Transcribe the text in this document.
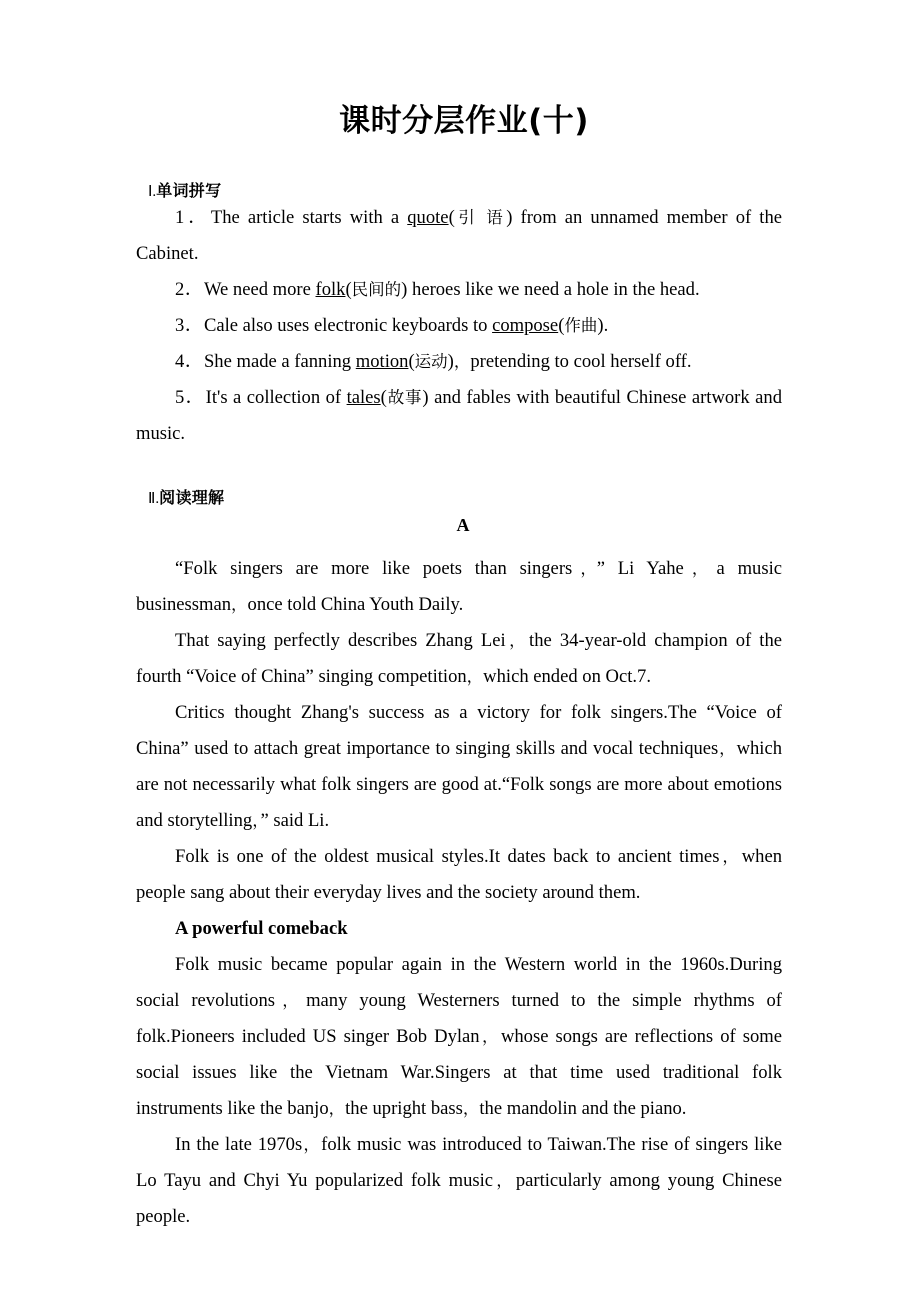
课时分层作业(十)

Ⅰ.单词拼写

1．The article starts with a quote(引 语) from an unnamed member of the Cabinet.

2．We need more folk(民间的) heroes like we need a hole in the head.

3．Cale also uses electronic keyboards to compose(作曲).

4．She made a fanning motion(运动)，pretending to cool herself off.

5．It's a collection of tales(故事) and fables with beautiful Chinese artwork and music.

Ⅱ.阅读理解

A

“Folk singers are more like poets than singers，” Li Yahe，a music businessman，once told China Youth Daily.

That saying perfectly describes Zhang Lei，the 34-year-old champion of the fourth “Voice of China” singing competition，which ended on Oct.7.

Critics thought Zhang's success as a victory for folk singers.The “Voice of China” used to attach great importance to singing skills and vocal techniques，which are not necessarily what folk singers are good at.“Folk songs are more about emotions and storytelling，” said Li.

Folk is one of the oldest musical styles.It dates back to ancient times，when people sang about their everyday lives and the society around them.

A powerful comeback

Folk music became popular again in the Western world in the 1960s.During social revolutions，many young Westerners turned to the simple rhythms of folk.Pioneers included US singer Bob Dylan，whose songs are reflections of some social issues like the Vietnam War.Singers at that time used traditional folk instruments like the banjo，the upright bass，the mandolin and the piano.

In the late 1970s，folk music was introduced to Taiwan.The rise of singers like Lo Tayu and Chyi Yu popularized folk music，particularly among young Chinese people.
